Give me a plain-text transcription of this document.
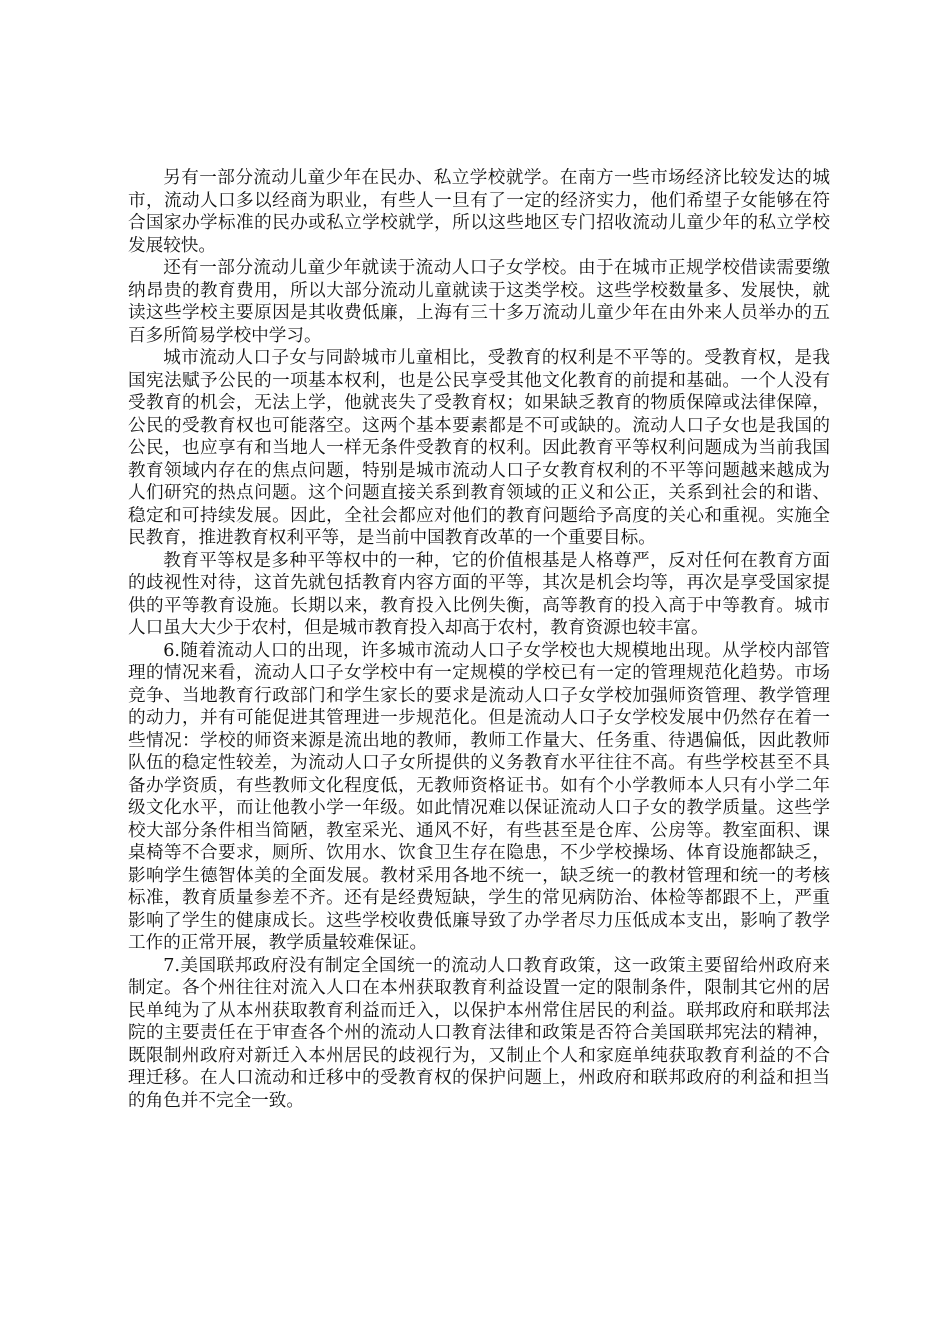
另有一部分流动儿童少年在民办、私立学校就学。在南方一些市场经济比较发达的城市，流动人口多以经商为职业，有些人一旦有了一定的经济实力，他们希望子女能够在符合国家办学标准的民办或私立学校就学，所以这些地区专门招收流动儿童少年的私立学校发展较快。

还有一部分流动儿童少年就读于流动人口子女学校。由于在城市正规学校借读需要缴纳昂贵的教育费用，所以大部分流动儿童就读于这类学校。这些学校数量多、发展快，就读这些学校主要原因是其收费低廉，上海有三十多万流动儿童少年在由外来人员举办的五百多所简易学校中学习。

城市流动人口子女与同龄城市儿童相比，受教育的权利是不平等的。受教育权，是我国宪法赋予公民的一项基本权利，也是公民享受其他文化教育的前提和基础。一个人没有受教育的机会，无法上学，他就丧失了受教育权；如果缺乏教育的物质保障或法律保障，公民的受教育权也可能落空。这两个基本要素都是不可或缺的。流动人口子女也是我国的公民，也应享有和当地人一样无条件受教育的权利。因此教育平等权利问题成为当前我国教育领域内存在的焦点问题，特别是城市流动人口子女教育权利的不平等问题越来越成为人们研究的热点问题。这个问题直接关系到教育领域的正义和公正，关系到社会的和谐、稳定和可持续发展。因此，全社会都应对他们的教育问题给予高度的关心和重视。实施全民教育，推进教育权利平等，是当前中国教育改革的一个重要目标。

教育平等权是多种平等权中的一种，它的价值根基是人格尊严，反对任何在教育方面的歧视性对待，这首先就包括教育内容方面的平等，其次是机会均等，再次是享受国家提供的平等教育设施。长期以来，教育投入比例失衡，高等教育的投入高于中等教育。城市人口虽大大少于农村，但是城市教育投入却高于农村，教育资源也较丰富。

6.随着流动人口的出现，许多城市流动人口子女学校也大规模地出现。从学校内部管理的情况来看，流动人口子女学校中有一定规模的学校已有一定的管理规范化趋势。市场竞争、当地教育行政部门和学生家长的要求是流动人口子女学校加强师资管理、教学管理的动力，并有可能促进其管理进一步规范化。但是流动人口子女学校发展中仍然存在着一些情况：学校的师资来源是流出地的教师，教师工作量大、任务重、待遇偏低，因此教师队伍的稳定性较差，为流动人口子女所提供的义务教育水平往往不高。有些学校甚至不具备办学资质，有些教师文化程度低，无教师资格证书。如有个小学教师本人只有小学二年级文化水平，而让他教小学一年级。如此情况难以保证流动人口子女的教学质量。这些学校大部分条件相当简陋，教室采光、通风不好，有些甚至是仓库、公房等。教室面积、课桌椅等不合要求，厕所、饮用水、饮食卫生存在隐患，不少学校操场、体育设施都缺乏，影响学生德智体美的全面发展。教材采用各地不统一，缺乏统一的教材管理和统一的考核标准，教育质量参差不齐。还有是经费短缺，学生的常见病防治、体检等都跟不上，严重影响了学生的健康成长。这些学校收费低廉导致了办学者尽力压低成本支出，影响了教学工作的正常开展，教学质量较难保证。

7.美国联邦政府没有制定全国统一的流动人口教育政策，这一政策主要留给州政府来制定。各个州往往对流入人口在本州获取教育利益设置一定的限制条件，限制其它州的居民单纯为了从本州获取教育利益而迁入，以保护本州常住居民的利益。联邦政府和联邦法院的主要责任在于审查各个州的流动人口教育法律和政策是否符合美国联邦宪法的精神，既限制州政府对新迁入本州居民的歧视行为，又制止个人和家庭单纯获取教育利益的不合理迁移。在人口流动和迁移中的受教育权的保护问题上，州政府和联邦政府的利益和担当的角色并不完全一致。
